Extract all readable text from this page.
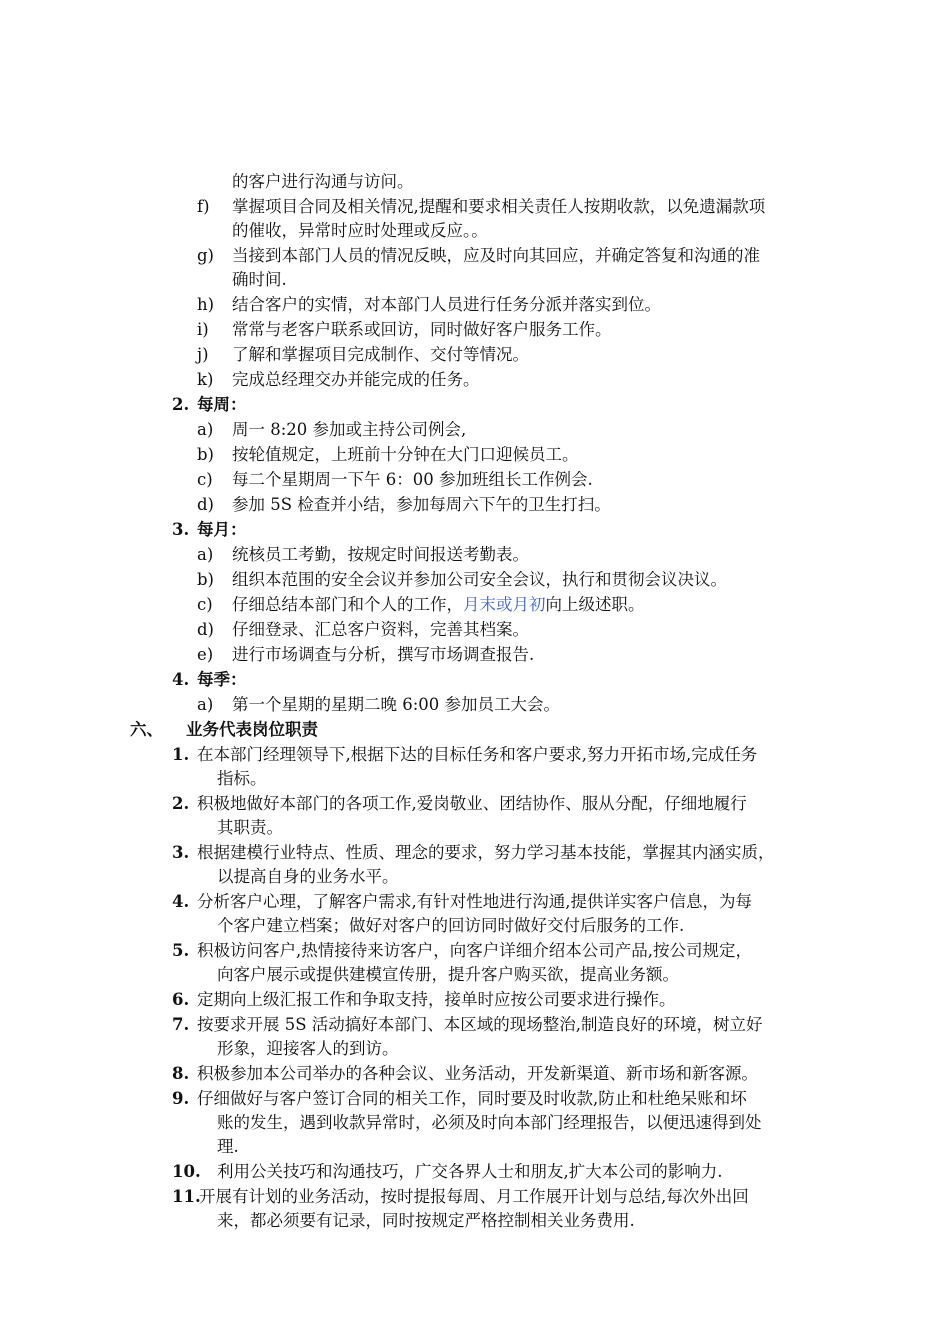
的客户进行沟通与访问。
f) 掌握项目合同及相关情况,提醒和要求相关责任人按期收款，以免遗漏款项
的催收，异常时应时处理或反应。。
g) 当接到本部门人员的情况反映，应及时向其回应，并确定答复和沟通的准
确时间.
h) 结合客户的实情，对本部门人员进行任务分派并落实到位。
i) 常常与老客户联系或回访，同时做好客户服务工作。
j) 了解和掌握项目完成制作、交付等情况。
k) 完成总经理交办并能完成的任务。
2. 每周：
a) 周一 8:20 参加或主持公司例会,
b) 按轮值规定，上班前十分钟在大门口迎候员工。
c) 每二个星期周一下午 6：00 参加班组长工作例会.
d) 参加 5S 检查并小结，参加每周六下午的卫生打扫。
3. 每月：
a) 统核员工考勤，按规定时间报送考勤表。
b) 组织本范围的安全会议并参加公司安全会议，执行和贯彻会议决议。
c) 仔细总结本部门和个人的工作，月末或月初向上级述职。
d) 仔细登录、汇总客户资料，完善其档案。
e) 进行市场调查与分析，撰写市场调查报告.
4. 每季：
a) 第一个星期的星期二晚 6:00 参加员工大会。
六、 业务代表岗位职责
1. 在本部门经理领导下,根据下达的目标任务和客户要求,努力开拓市场,完成任务
指标。
2. 积极地做好本部门的各项工作,爱岗敬业、团结协作、服从分配，仔细地履行
其职责。
3. 根据建模行业特点、性质、理念的要求，努力学习基本技能，掌握其内涵实质，
以提高自身的业务水平。
4. 分析客户心理，了解客户需求,有针对性地进行沟通,提供详实客户信息，为每
个客户建立档案；做好对客户的回访同时做好交付后服务的工作.
5. 积极访问客户,热情接待来访客户，向客户详细介绍本公司产品,按公司规定，
向客户展示或提供建模宣传册，提升客户购买欲，提高业务额。
6. 定期向上级汇报工作和争取支持，接单时应按公司要求进行操作。
7. 按要求开展 5S 活动搞好本部门、本区域的现场整治,制造良好的环境，树立好
形象，迎接客人的到访。
8. 积极参加本公司举办的各种会议、业务活动，开发新渠道、新市场和新客源。
9. 仔细做好与客户签订合同的相关工作，同时要及时收款,防止和杜绝呆账和坏
账的发生，遇到收款异常时，必须及时向本部门经理报告，以便迅速得到处
理.
10. 利用公关技巧和沟通技巧，广交各界人士和朋友,扩大本公司的影响力.
11.
开展有计划的业务活动，按时提报每周、月工作展开计划与总结,每次外出回
来，都必须要有记录，同时按规定严格控制相关业务费用.
